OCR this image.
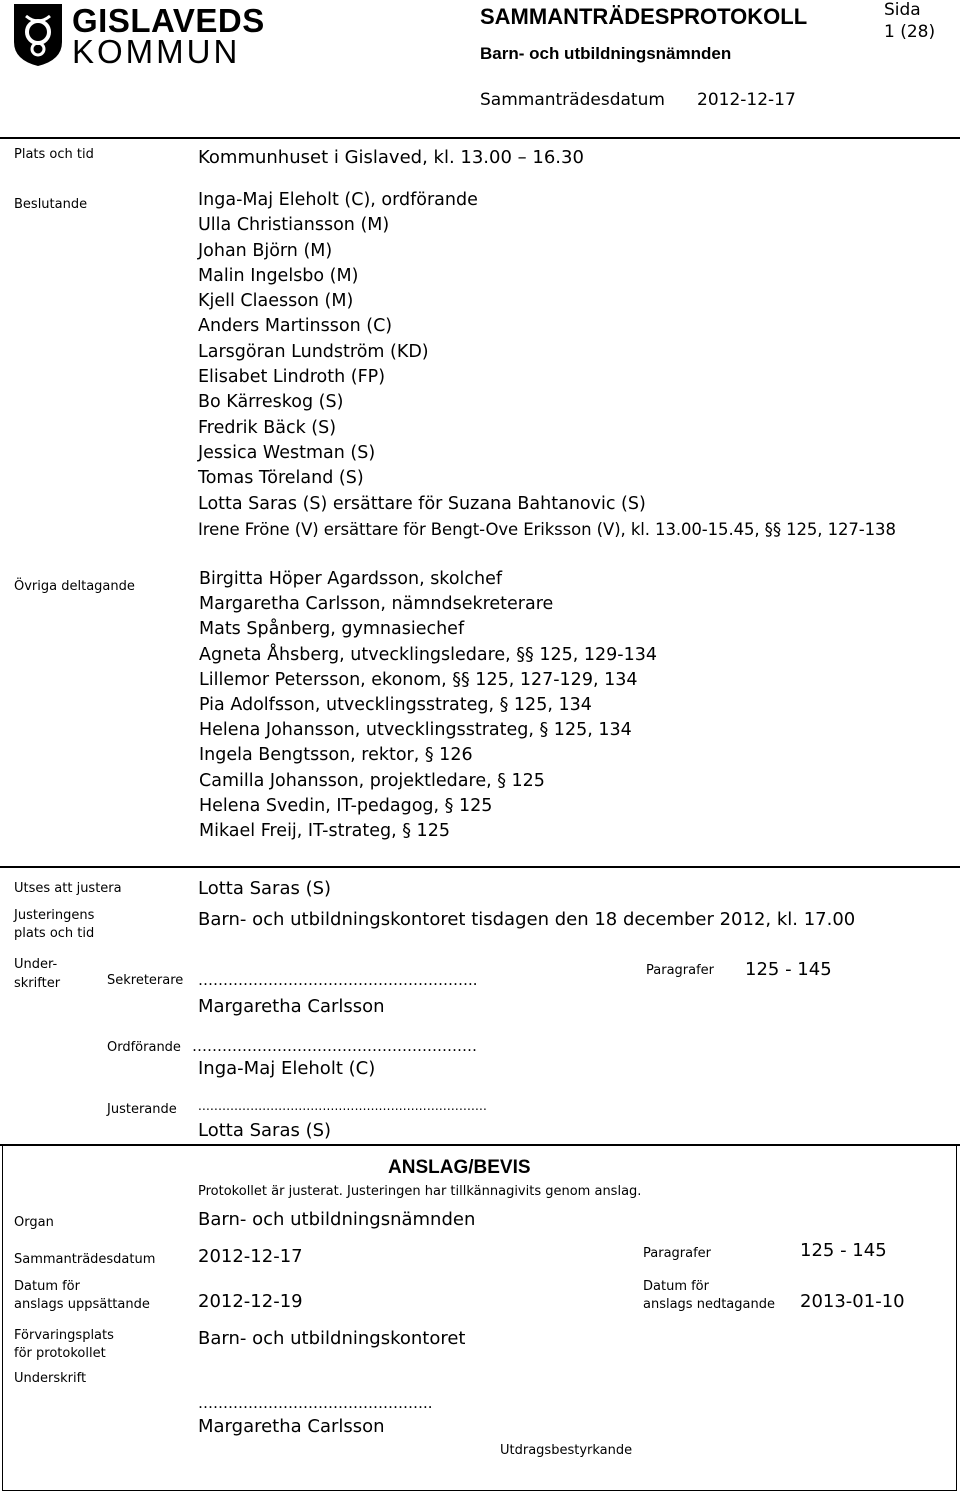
GISLAVEDS
KOMMUN
SAMMANTRÄDESPROTOKOLL
Barn- och utbildningsnämnden
Sida
1 (28)
Sammanträdesdatum 2012-12-17
Plats och tid	Kommunhuset i Gislaved, kl. 13.00 – 16.30
Beslutande	Inga-Maj Eleholt (C), ordförande
Ulla Christiansson (M)
Johan Björn (M)
Malin Ingelsbo (M)
Kjell Claesson (M)
Anders Martinsson (C)
Larsgöran Lundström (KD)
Elisabet Lindroth (FP)
Bo Kärreskog (S)
Fredrik Bäck (S)
Jessica Westman (S)
Tomas Töreland (S)
Lotta Saras (S) ersättare för Suzana Bahtanovic (S)
Irene Fröne (V) ersättare för Bengt-Ove Eriksson (V), kl. 13.00-15.45, §§ 125, 127-138
Övriga deltagande	Birgitta Höper Agardsson, skolchef
Margaretha Carlsson, nämndsekreterare
Mats Spånberg, gymnasiechef
Agneta Åhsberg, utvecklingsledare, §§ 125, 129-134
Lillemor Petersson, ekonom, §§ 125, 127-129, 134
Pia Adolfsson, utvecklingsstrateg, § 125, 134
Helena Johansson, utvecklingsstrateg, § 125, 134
Ingela Bengtsson, rektor, § 126
Camilla Johansson, projektledare, § 125
Helena Svedin, IT-pedagog, § 125
Mikael Freij, IT-strateg, § 125
Utses att justera	Lotta Saras (S)
Justeringens
plats och tid
Barn- och utbildningskontoret tisdagen den 18 december 2012, kl. 17.00
Under-
skrifter	Sekreterare ………………………………………………..
Margaretha Carlsson
Paragrafer 125 - 145
Ordförande …………………………………………………
Inga-Maj Eleholt (C)
Justerande ........................................................................
Lotta Saras (S)
ANSLAG/BEVIS
Protokollet är justerat. Justeringen har tillkännagivits genom anslag.
Organ	Barn- och utbildningsnämnden
Sammanträdesdatum 2012-12-17	Paragrafer	125 - 145
Datum för
anslags uppsättande	2012-12-19
Datum för
anslags nedtagande 2013-01-10
Förvaringsplats
för protokollet
Barn- och utbildningskontoret
Underskrift
………………………………………..
Margaretha Carlsson
Utdragsbestyrkande
